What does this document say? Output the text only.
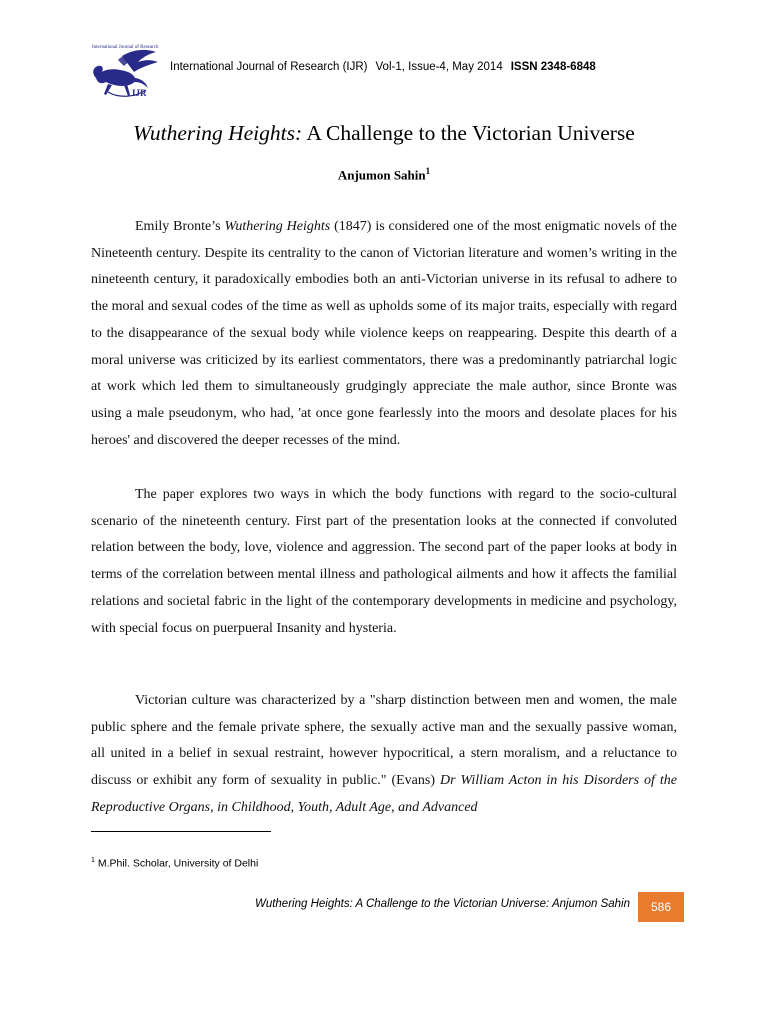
International Journal of Research
IJR
International Journal of Research (IJR) Vol-1, Issue-4, May 2014 ISSN 2348-6848
Wuthering Heights: A Challenge to the Victorian Universe
Anjumon Sahin$^1$

Emily Bronte’s Wuthering Heights (1847) is considered one of the most enigmatic novels of the Nineteenth century. Despite its centrality to the canon of Victorian literature and women’s writing in the nineteenth century, it paradoxically embodies both an anti-Victorian universe in its refusal to adhere to the moral and sexual codes of the time as well as upholds some of its major traits, especially with regard to the disappearance of the sexual body while violence keeps on reappearing. Despite this dearth of a moral universe was criticized by its earliest commentators, there was a predominantly patriarchal logic at work which led them to simultaneously grudgingly appreciate the male author, since Bronte was using a male pseudonym, who had, 'at once gone fearlessly into the moors and desolate places for his heroes' and discovered the deeper recesses of the mind.

The paper explores two ways in which the body functions with regard to the socio-cultural scenario of the nineteenth century. First part of the presentation looks at the connected if convoluted relation between the body, love, violence and aggression. The second part of the paper looks at body in terms of the correlation between mental illness and pathological ailments and how it affects the familial relations and societal fabric in the light of the contemporary developments in medicine and psychology, with special focus on puerpueral Insanity and hysteria.

Victorian culture was characterized by a "sharp distinction between men and women, the male public sphere and the female private sphere, the sexually active man and the sexually passive woman, all united in a belief in sexual restraint, however hypocritical, a stern moralism, and a reluctance to discuss or exhibit any form of sexuality in public." (Evans) Dr William Acton in his Disorders of the Reproductive Organs, in Childhood, Youth, Adult Age, and Advanced

$^1$ M.Phil. Scholar, University of Delhi
Wuthering Heights: A Challenge to the Victorian Universe: Anjumon Sahin	586
